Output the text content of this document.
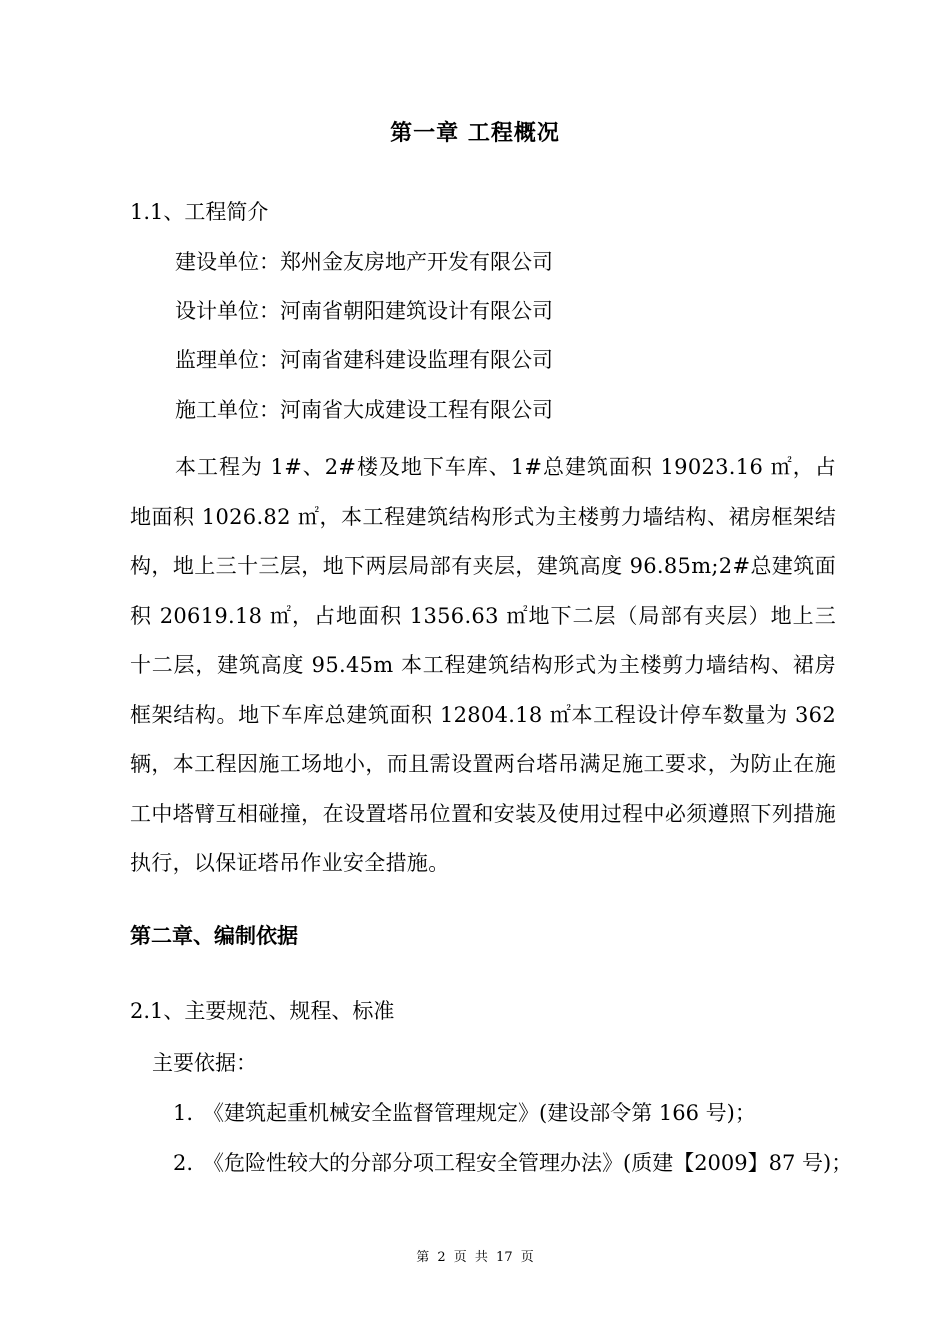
第一章 工程概况
1.1、工程简介
建设单位：郑州金友房地产开发有限公司
设计单位：河南省朝阳建筑设计有限公司
监理单位：河南省建科建设监理有限公司
施工单位：河南省大成建设工程有限公司
本工程为 1#、2#楼及地下车库、1#总建筑面积 19023.16 ㎡，占地面积 1026.82 ㎡，本工程建筑结构形式为主楼剪力墙结构、裙房框架结构，地上三十三层，地下两层局部有夹层，建筑高度 96.85m;2#总建筑面积 20619.18 ㎡，占地面积 1356.63 ㎡地下二层（局部有夹层）地上三十二层，建筑高度 95.45m 本工程建筑结构形式为主楼剪力墙结构、裙房框架结构。地下车库总建筑面积 12804.18 ㎡本工程设计停车数量为 362 辆，本工程因施工场地小，而且需设置两台塔吊满足施工要求，为防止在施工中塔臂互相碰撞，在设置塔吊位置和安装及使用过程中必须遵照下列措施执行，以保证塔吊作业安全措施。
第二章、编制依据
2.1、主要规范、规程、标准
主要依据：
1. 《建筑起重机械安全监督管理规定》(建设部令第 166 号)；
2. 《危险性较大的分部分项工程安全管理办法》(质建【2009】87 号)；
第 2 页 共 17 页
